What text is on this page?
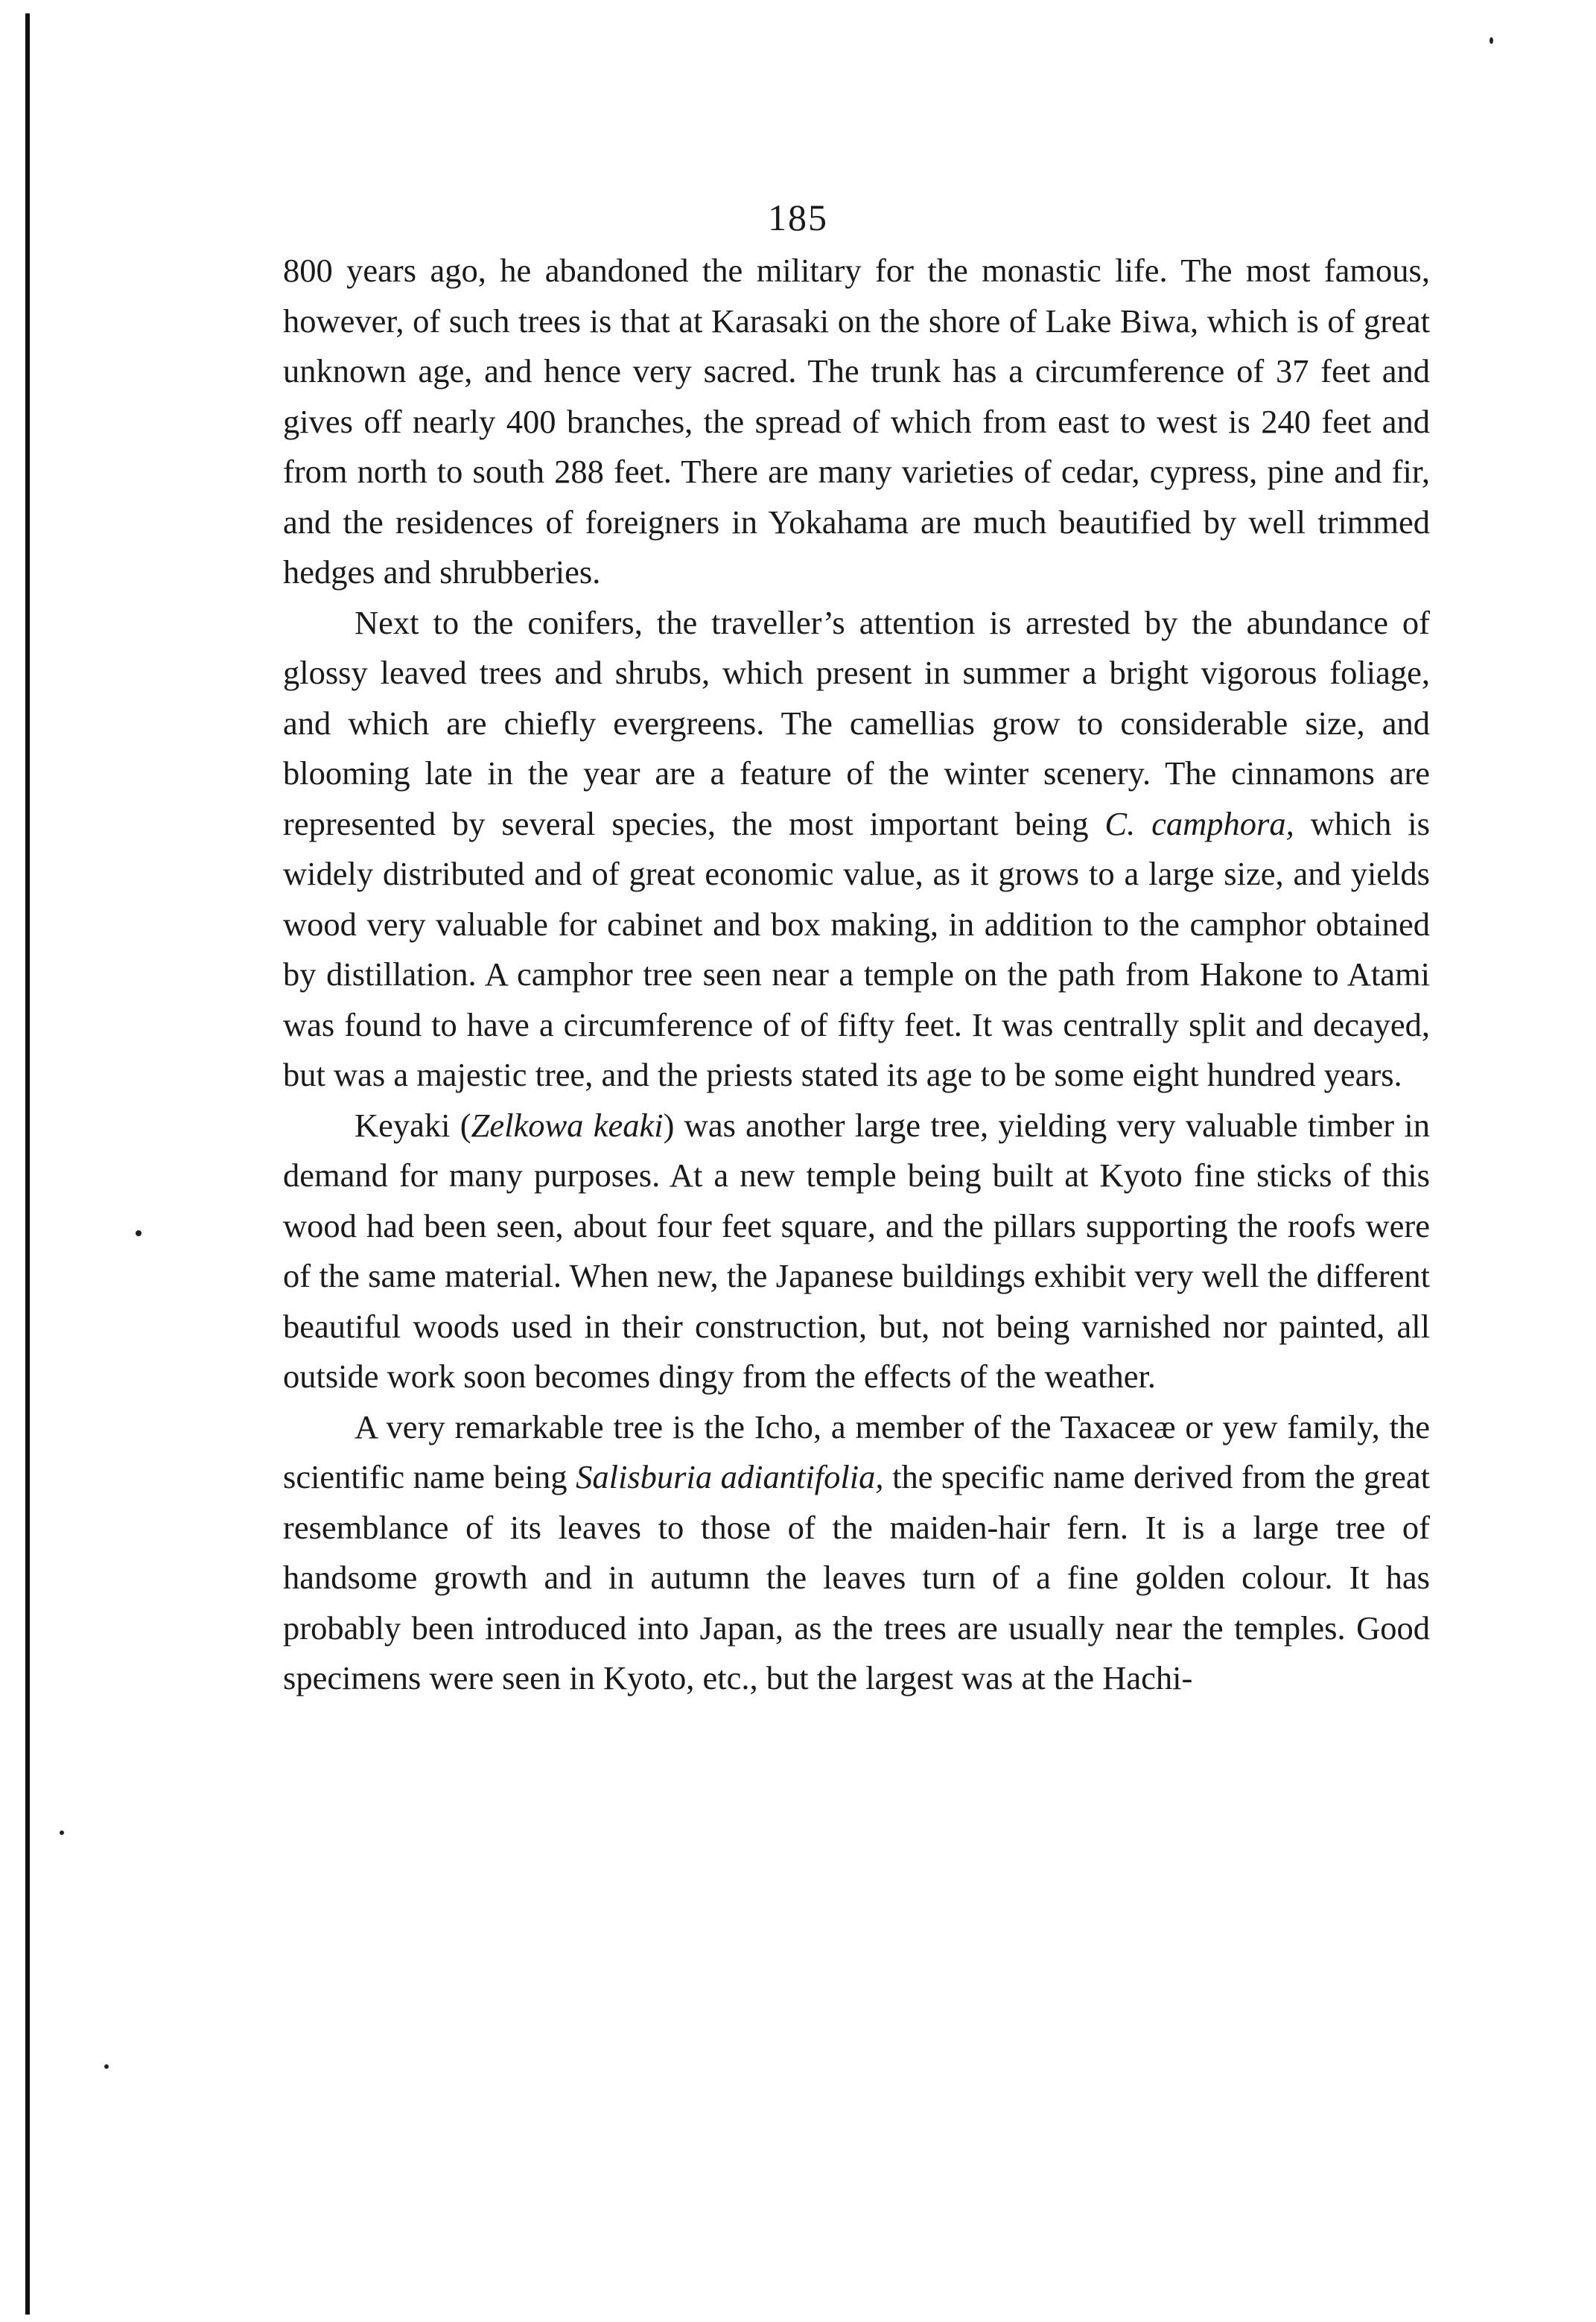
185

800 years ago, he abandoned the military for the monastic life. The most famous, however, of such trees is that at Karasaki on the shore of Lake Biwa, which is of great unknown age, and hence very sacred. The trunk has a circumference of 37 feet and gives off nearly 400 branches, the spread of which from east to west is 240 feet and from north to south 288 feet. There are many varieties of cedar, cypress, pine and fir, and the residences of foreigners in Yokahama are much beautified by well trimmed hedges and shrubberies.

Next to the conifers, the traveller’s attention is arrested by the abundance of glossy leaved trees and shrubs, which present in summer a bright vigorous foliage, and which are chiefly evergreens. The camellias grow to considerable size, and blooming late in the year are a feature of the winter scenery. The cinnamons are represented by several species, the most important being C. camphora, which is widely distributed and of great economic value, as it grows to a large size, and yields wood very valuable for cabinet and box making, in addition to the camphor obtained by distillation. A camphor tree seen near a temple on the path from Hakone to Atami was found to have a circumference of of fifty feet. It was centrally split and decayed, but was a majestic tree, and the priests stated its age to be some eight hundred years.

Keyaki (Zelkowa keaki) was another large tree, yielding very valuable timber in demand for many purposes. At a new temple being built at Kyoto fine sticks of this wood had been seen, about four feet square, and the pillars supporting the roofs were of the same material. When new, the Japanese buildings exhibit very well the different beautiful woods used in their construction, but, not being varnished nor painted, all outside work soon becomes dingy from the effects of the weather.

A very remarkable tree is the Icho, a member of the Taxaceæ or yew family, the scientific name being Salisburia adiantifolia, the specific name derived from the great resemblance of its leaves to those of the maiden-hair fern. It is a large tree of handsome growth and in autumn the leaves turn of a fine golden colour. It has probably been introduced into Japan, as the trees are usually near the temples. Good specimens were seen in Kyoto, etc., but the largest was at the Hachi-
